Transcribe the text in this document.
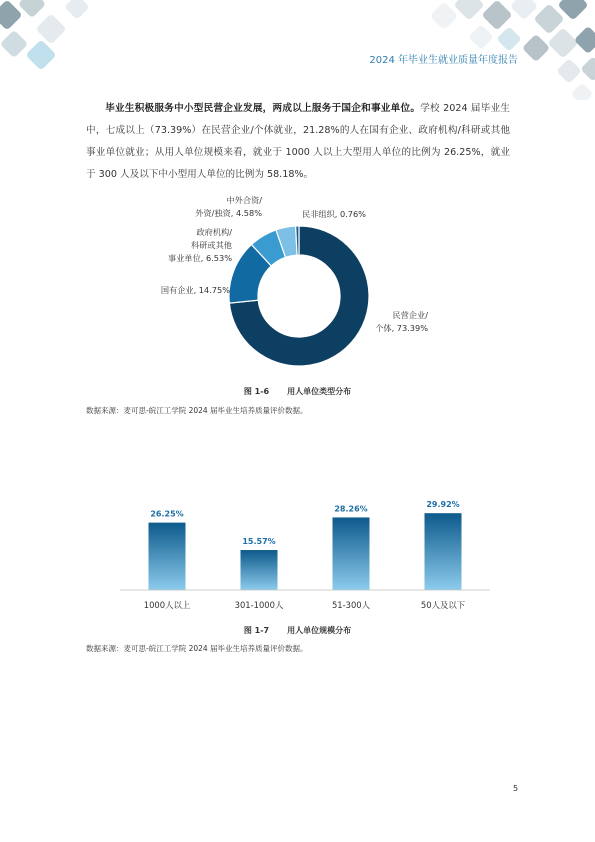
2024 年毕业生就业质量年度报告
毕业生积极服务中小型民营企业发展，两成以上服务于国企和事业单位。学校 2024 届毕业生中，七成以上（73.39%）在民营企业/个体就业，21.28%的人在国有企业、政府机构/科研或其他事业单位就业；从用人单位规模来看，就业于 1000 人以上大型用人单位的比例为 26.25%，就业于 300 人及以下中小型用人单位的比例为 58.18%。
民营企业/
个体, 73.39%
国有企业, 14.75%
政府机构/
科研或其他
事业单位, 6.53%
中外合资/
外资/独资, 4.58%	民非组织, 0.76%
图 1-6 用人单位类型分布
数据来源：麦可思-皖江工学院 2024 届毕业生培养质量评价数据。
26.25%
1000人以上
15.57%
301-1000人
28.26%
51-300人
29.92%
50人及以下
图 1-7 用人单位规模分布
数据来源：麦可思-皖江工学院 2024 届毕业生培养质量评价数据。
5
